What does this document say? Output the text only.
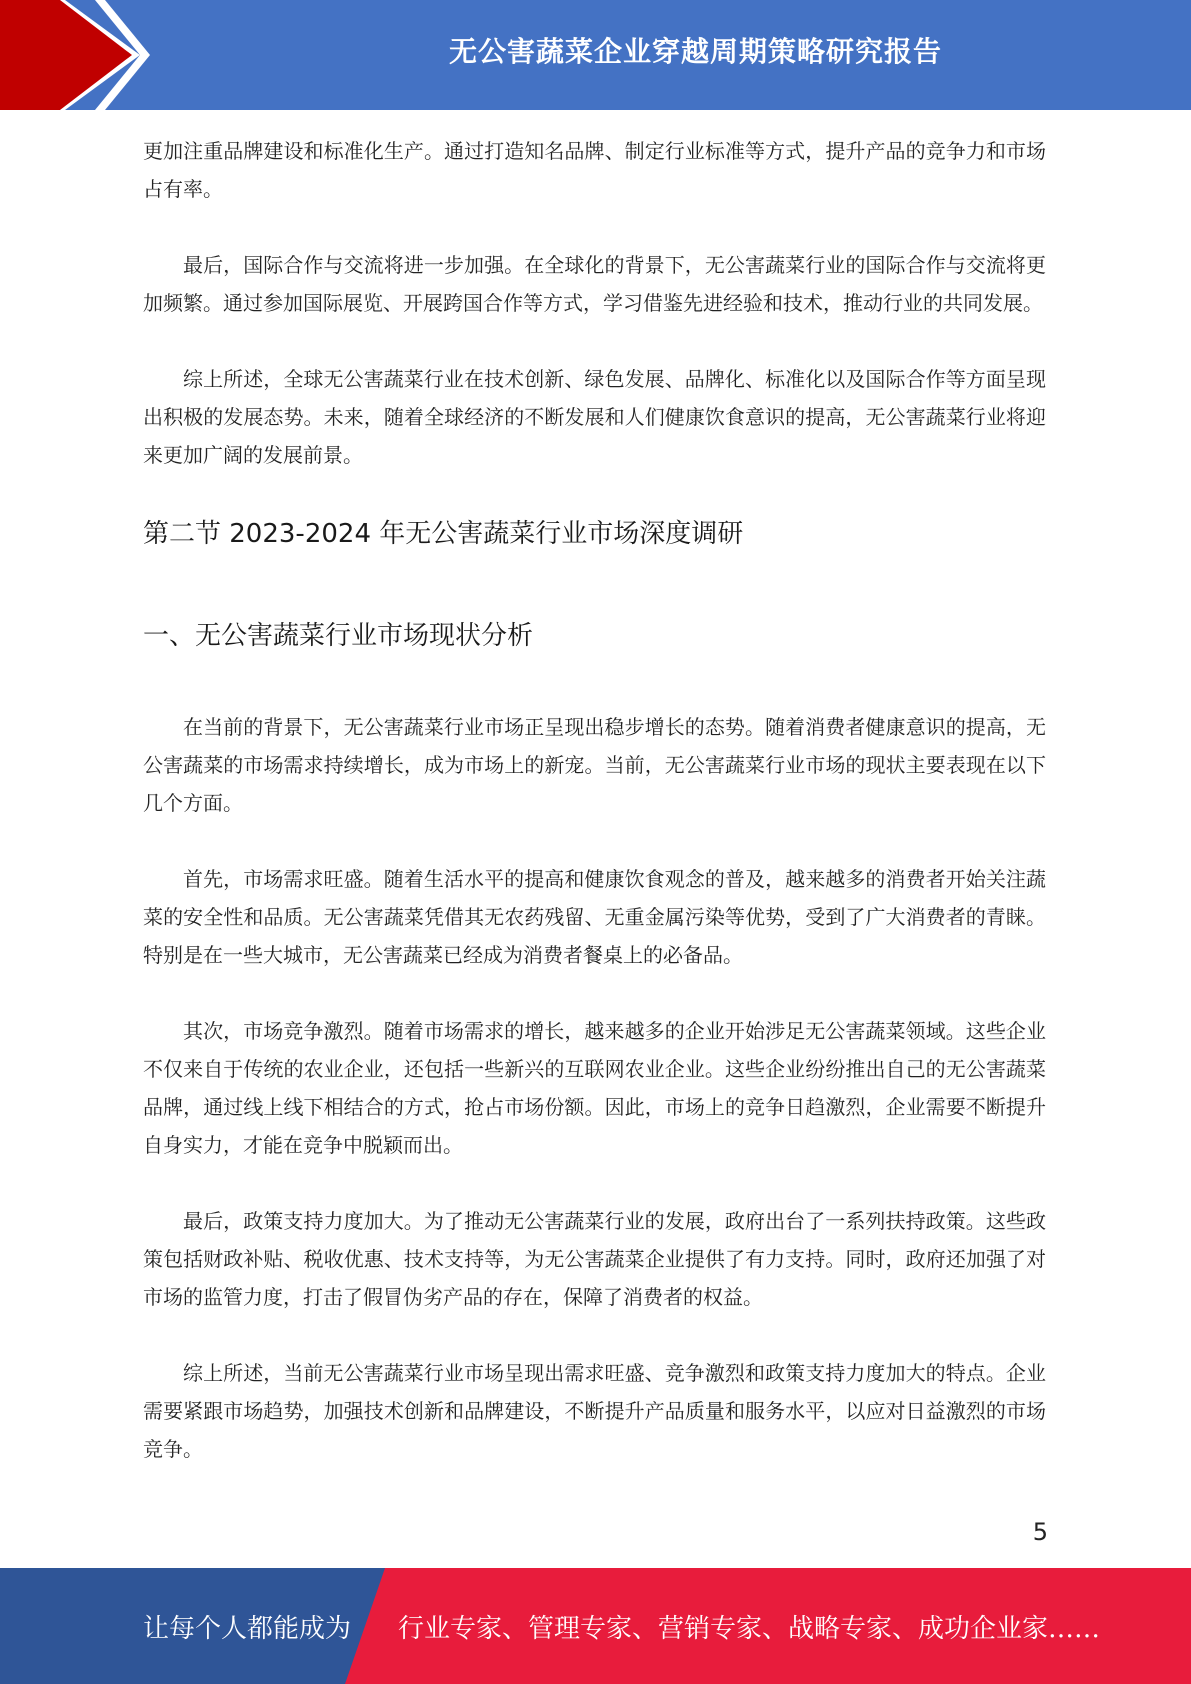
无公害蔬菜企业穿越周期策略研究报告

更加注重品牌建设和标准化生产。通过打造知名品牌、制定行业标准等方式，提升产品的竞争力和市场占有率。

最后，国际合作与交流将进一步加强。在全球化的背景下，无公害蔬菜行业的国际合作与交流将更加频繁。通过参加国际展览、开展跨国合作等方式，学习借鉴先进经验和技术，推动行业的共同发展。

综上所述，全球无公害蔬菜行业在技术创新、绿色发展、品牌化、标准化以及国际合作等方面呈现出积极的发展态势。未来，随着全球经济的不断发展和人们健康饮食意识的提高，无公害蔬菜行业将迎来更加广阔的发展前景。

第二节 2023-2024 年无公害蔬菜行业市场深度调研
一、无公害蔬菜行业市场现状分析

在当前的背景下，无公害蔬菜行业市场正呈现出稳步增长的态势。随着消费者健康意识的提高，无公害蔬菜的市场需求持续增长，成为市场上的新宠。当前，无公害蔬菜行业市场的现状主要表现在以下几个方面。

首先，市场需求旺盛。随着生活水平的提高和健康饮食观念的普及，越来越多的消费者开始关注蔬菜的安全性和品质。无公害蔬菜凭借其无农药残留、无重金属污染等优势，受到了广大消费者的青睐。特别是在一些大城市，无公害蔬菜已经成为消费者餐桌上的必备品。

其次，市场竞争激烈。随着市场需求的增长，越来越多的企业开始涉足无公害蔬菜领域。这些企业不仅来自于传统的农业企业，还包括一些新兴的互联网农业企业。这些企业纷纷推出自己的无公害蔬菜品牌，通过线上线下相结合的方式，抢占市场份额。因此，市场上的竞争日趋激烈，企业需要不断提升自身实力，才能在竞争中脱颖而出。

最后，政策支持力度加大。为了推动无公害蔬菜行业的发展，政府出台了一系列扶持政策。这些政策包括财政补贴、税收优惠、技术支持等，为无公害蔬菜企业提供了有力支持。同时，政府还加强了对市场的监管力度，打击了假冒伪劣产品的存在，保障了消费者的权益。

综上所述，当前无公害蔬菜行业市场呈现出需求旺盛、竞争激烈和政策支持力度加大的特点。企业需要紧跟市场趋势，加强技术创新和品牌建设，不断提升产品质量和服务水平，以应对日益激烈的市场竞争。

5
让每个人都能成为 行业专家、管理专家、营销专家、战略专家、成功企业家……
